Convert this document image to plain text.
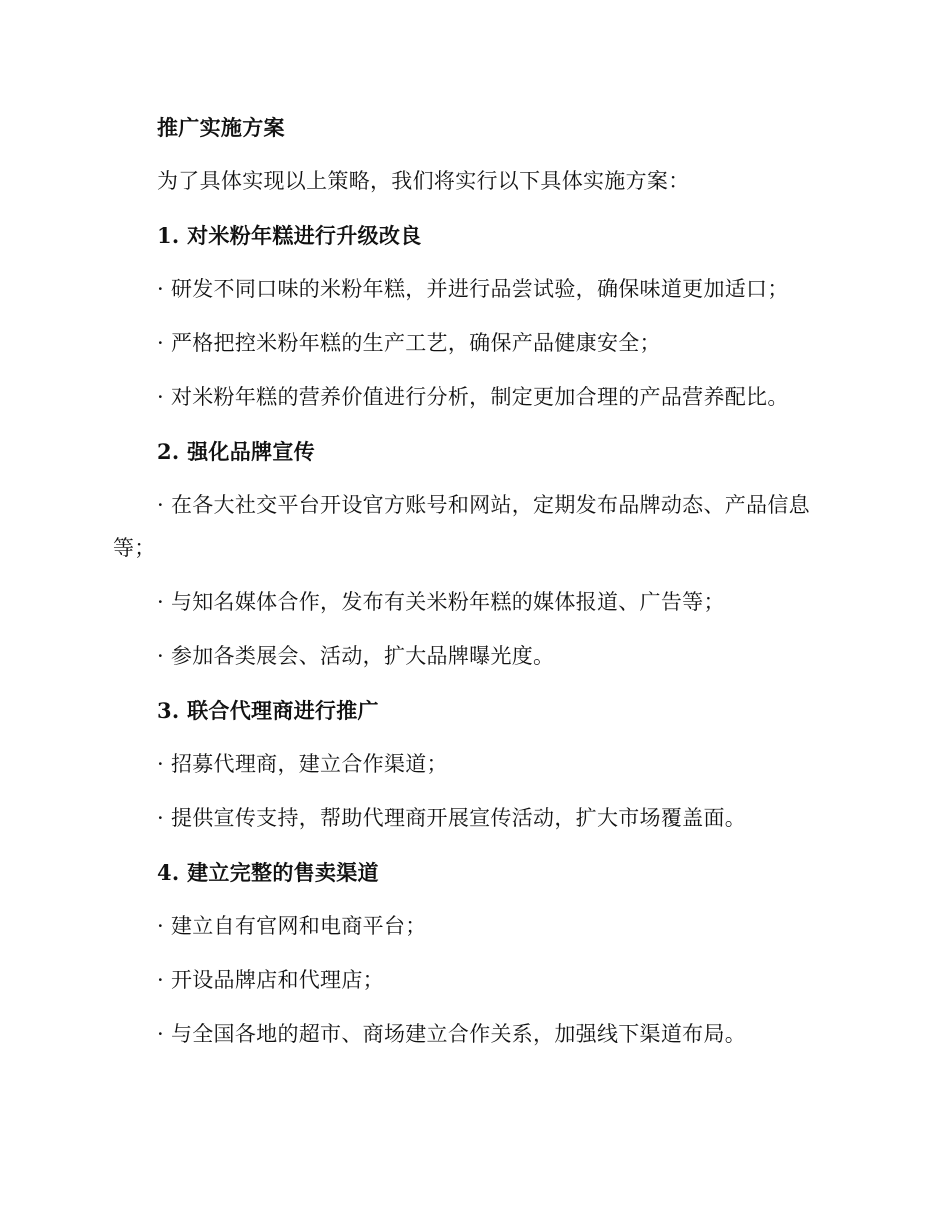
推广实施方案

为了具体实现以上策略，我们将实行以下具体实施方案：

1. 对米粉年糕进行升级改良

· 研发不同口味的米粉年糕，并进行品尝试验，确保味道更加适口；

· 严格把控米粉年糕的生产工艺，确保产品健康安全；

· 对米粉年糕的营养价值进行分析，制定更加合理的产品营养配比。

2. 强化品牌宣传

· 在各大社交平台开设官方账号和网站，定期发布品牌动态、产品信息等；

· 与知名媒体合作，发布有关米粉年糕的媒体报道、广告等；

· 参加各类展会、活动，扩大品牌曝光度。

3. 联合代理商进行推广

· 招募代理商，建立合作渠道；

· 提供宣传支持，帮助代理商开展宣传活动，扩大市场覆盖面。

4. 建立完整的售卖渠道

· 建立自有官网和电商平台；

· 开设品牌店和代理店；

· 与全国各地的超市、商场建立合作关系，加强线下渠道布局。
